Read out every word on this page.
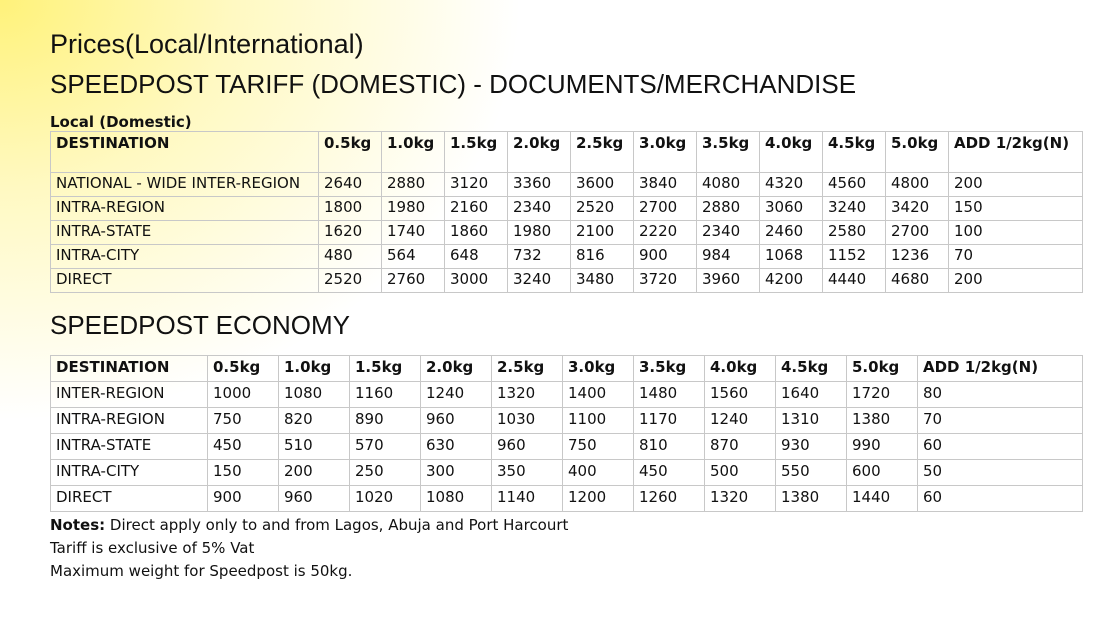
Prices(Local/International)
SPEEDPOST TARIFF (DOMESTIC) - DOCUMENTS/MERCHANDISE
Local (Domestic)
DESTINATION	0.5kg	1.0kg	1.5kg	2.0kg	2.5kg	3.0kg	3.5kg	4.0kg	4.5kg	5.0kg	ADD 1/2kg(N)
NATIONAL - WIDE INTER-REGION	2640	2880	3120	3360	3600	3840	4080	4320	4560	4800	200
INTRA-REGION	1800	1980	2160	2340	2520	2700	2880	3060	3240	3420	150
INTRA-STATE	1620	1740	1860	1980	2100	2220	2340	2460	2580	2700	100
INTRA-CITY	480	564	648	732	816	900	984	1068	1152	1236	70
DIRECT	2520	2760	3000	3240	3480	3720	3960	4200	4440	4680	200
SPEEDPOST ECONOMY
DESTINATION	0.5kg	1.0kg	1.5kg	2.0kg	2.5kg	3.0kg	3.5kg	4.0kg	4.5kg	5.0kg	ADD 1/2kg(N)
INTER-REGION	1000	1080	1160	1240	1320	1400	1480	1560	1640	1720	80
INTRA-REGION	750	820	890	960	1030	1100	1170	1240	1310	1380	70
INTRA-STATE	450	510	570	630	960	750	810	870	930	990	60
INTRA-CITY	150	200	250	300	350	400	450	500	550	600	50
DIRECT	900	960	1020	1080	1140	1200	1260	1320	1380	1440	60
Notes: Direct apply only to and from Lagos, Abuja and Port Harcourt
Tariff is exclusive of 5% Vat
Maximum weight for Speedpost is 50kg.
